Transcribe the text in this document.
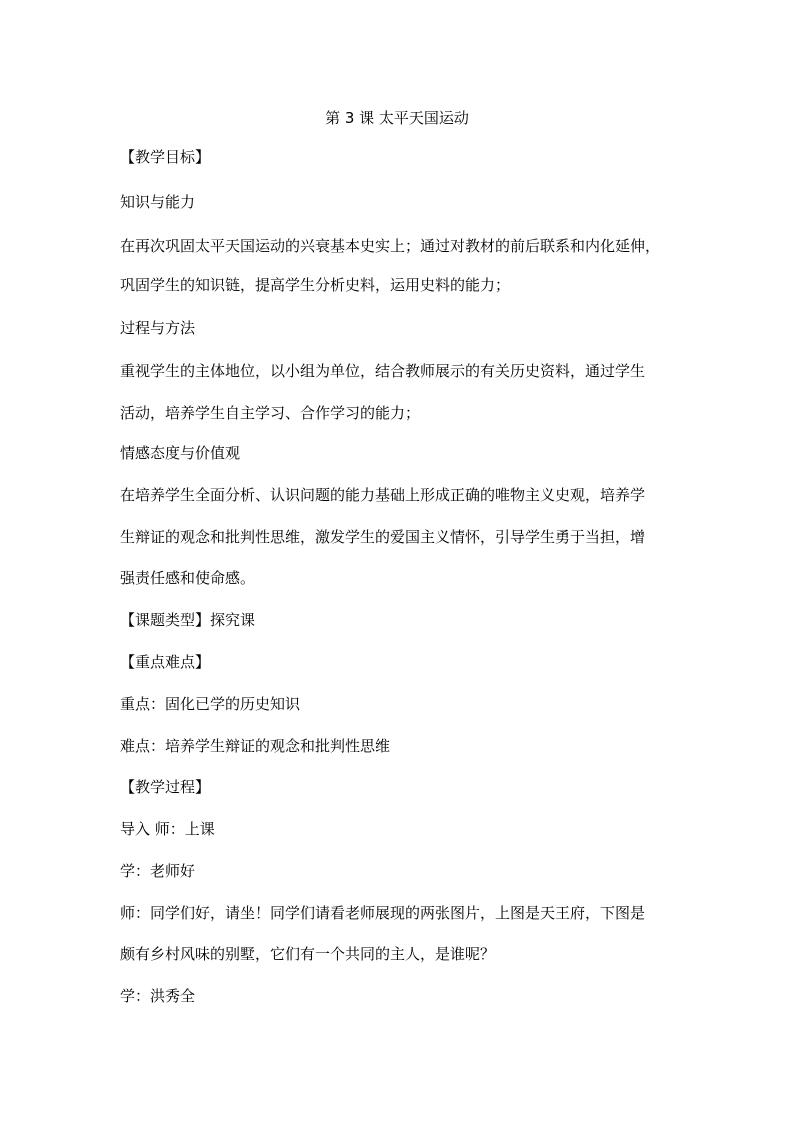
第 3 课 太平天国运动
【教学目标】
知识与能力
在再次巩固太平天国运动的兴衰基本史实上；通过对教材的前后联系和内化延伸，
巩固学生的知识链，提高学生分析史料，运用史料的能力；
过程与方法
重视学生的主体地位，以小组为单位，结合教师展示的有关历史资料，通过学生
活动，培养学生自主学习、合作学习的能力；
情感态度与价值观
在培养学生全面分析、认识问题的能力基础上形成正确的唯物主义史观，培养学
生辩证的观念和批判性思维，激发学生的爱国主义情怀，引导学生勇于当担，增
强责任感和使命感。
【课题类型】探究课
【重点难点】
重点：固化已学的历史知识
难点：培养学生辩证的观念和批判性思维
【教学过程】
导入 师：上课
学：老师好
师：同学们好，请坐！同学们请看老师展现的两张图片，上图是天王府，下图是
颇有乡村风味的别墅，它们有一个共同的主人，是谁呢？
学：洪秀全
